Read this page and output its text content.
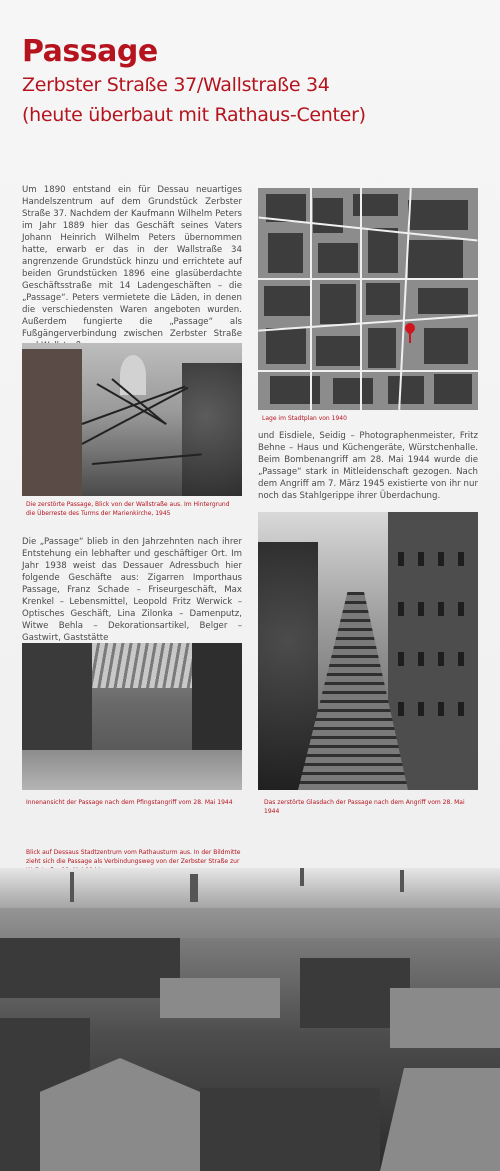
Passage
Zerbster Straße 37/Wallstraße 34
(heute überbaut mit Rathaus-Center)

Um 1890 entstand ein für Dessau neuartiges Handelszentrum auf dem Grundstück Zerbster Straße 37. Nachdem der Kaufmann Wilhelm Peters im Jahr 1889 hier das Geschäft seines Vaters Johann Heinrich Wilhelm Peters übernommen hatte, erwarb er das in der Wallstraße 34 angrenzende Grundstück hinzu und errichtete auf beiden Grundstücken 1896 eine glasüberdachte Geschäftsstraße mit 14 Ladengeschäften – die „Passage“. Peters vermietete die Läden, in denen die verschiedensten Waren angeboten wurden. Außerdem fungierte die „Passage“ als Fußgängerverbindung zwischen Zerbster Straße

Lage im Stadtplan von 1940

Die zerstörte Passage, Blick von der Wallstraße aus. Im Hintergrund die Überreste des Turms der Marienkirche, 1945

und Eisdiele, Seidig – Photographenmeister, Fritz Behne – Haus und Küchengeräte, Würstchenhalle. Beim Bombenangriff am 28. Mai 1944 wurde die „Passage“ stark in Mitleidenschaft gezogen. Nach dem Angriff am 7. März 1945 existierte von ihr nur noch das Stahlgerippe ihrer Überdachung.

Die „Passage“ blieb in den Jahrzehnten nach ihrer Entstehung ein lebhafter und geschäftiger Ort. Im Jahr 1938 weist das Dessauer Adressbuch hier folgende Geschäfte aus: Zigarren Importhaus Passage, Franz Schade – Friseurgeschäft, Max Krenkel – Lebensmittel, Leopold Fritz Werwick – Optisches Geschäft, Lina Zilonka – Damenputz, Witwe Behla – Dekorationsartikel, Belger – Gastwirt, Gaststätte

Innenansicht der Passage nach dem Pfingstangriff vom 28. Mai 1944	Das zerstörte Glasdach der Passage nach dem Angriff vom 28. Mai 1944

Blick auf Dessaus Stadtzentrum vom Rathausturm aus. In der Bildmitte zieht sich die Passage als Verbindungsweg von der Zerbster Straße zur
